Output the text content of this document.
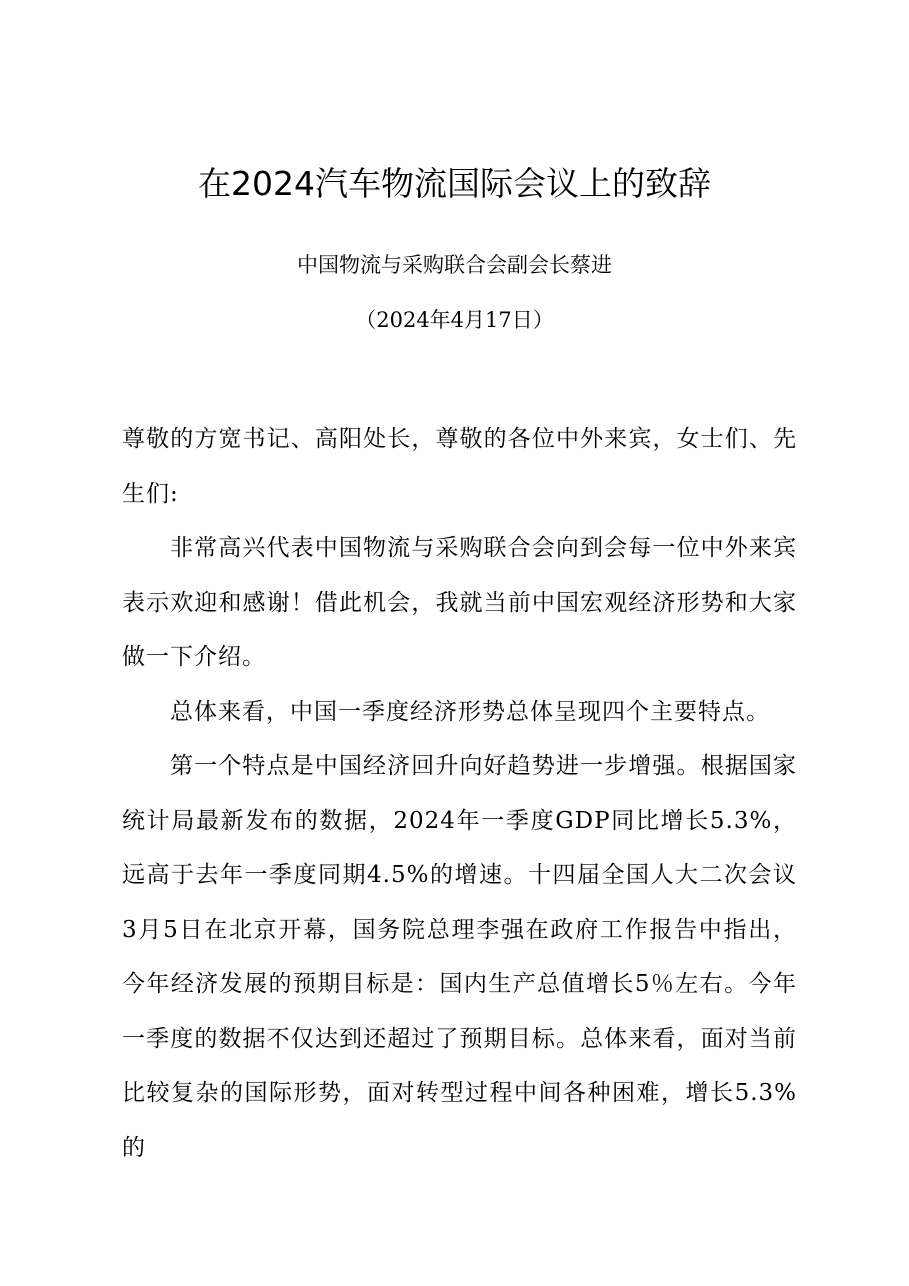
在2024汽车物流国际会议上的致辞

中国物流与采购联合会副会长蔡进

（2024年4月17日）

尊敬的方宽书记、高阳处长，尊敬的各位中外来宾，女士们、先生们:

非常高兴代表中国物流与采购联合会向到会每一位中外来宾表示欢迎和感谢！借此机会，我就当前中国宏观经济形势和大家做一下介绍。

总体来看，中国一季度经济形势总体呈现四个主要特点。

第一个特点是中国经济回升向好趋势进一步增强。根据国家统计局最新发布的数据，2024年一季度GDP同比增长5.3%，远高于去年一季度同期4.5%的增速。十四届全国人大二次会议3月5日在北京开幕，国务院总理李强在政府工作报告中指出，今年经济发展的预期目标是：国内生产总值增长5％左右。今年一季度的数据不仅达到还超过了预期目标。总体来看，面对当前比较复杂的国际形势，面对转型过程中间各种困难，增长5.3%的
